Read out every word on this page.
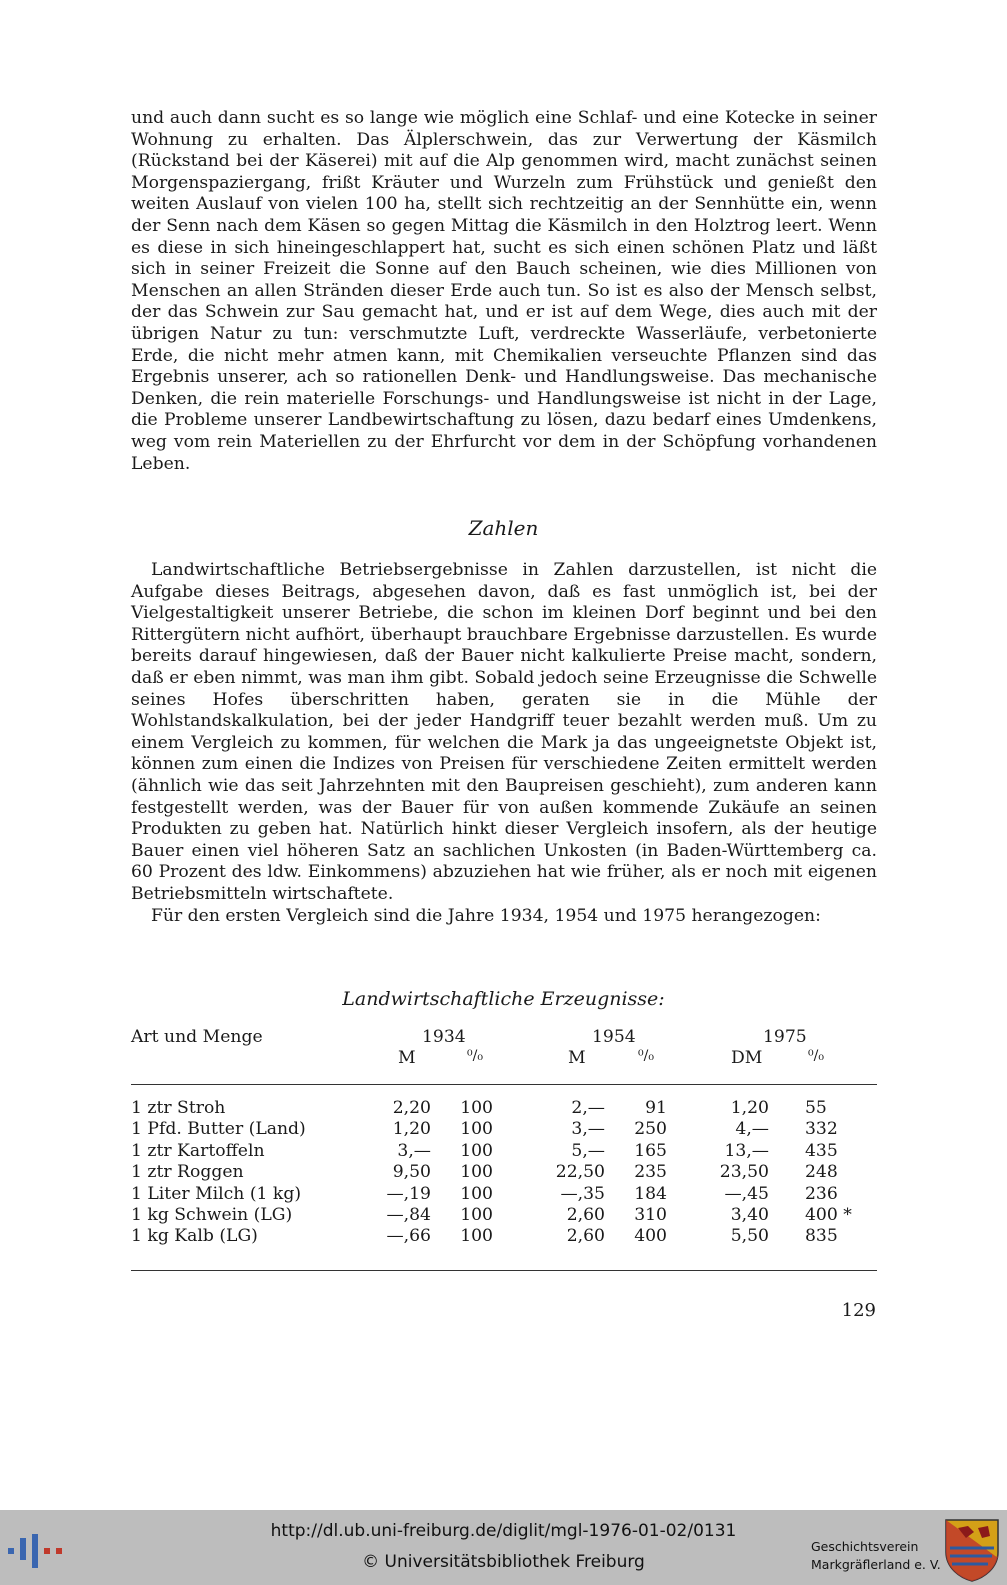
und auch dann sucht es so lange wie möglich eine Schlaf- und eine Kotecke in seiner Wohnung zu erhalten. Das Älplerschwein, das zur Verwertung der Käsmilch (Rückstand bei der Käserei) mit auf die Alp genommen wird, macht zunächst seinen Morgenspaziergang, frißt Kräuter und Wurzeln zum Frühstück und genießt den weiten Auslauf von vielen 100 ha, stellt sich rechtzeitig an der Sennhütte ein, wenn der Senn nach dem Käsen so gegen Mittag die Käsmilch in den Holztrog leert. Wenn es diese in sich hineingeschlappert hat, sucht es sich einen schönen Platz und läßt sich in seiner Freizeit die Sonne auf den Bauch scheinen, wie dies Millionen von Menschen an allen Stränden dieser Erde auch tun. So ist es also der Mensch selbst, der das Schwein zur Sau gemacht hat, und er ist auf dem Wege, dies auch mit der übrigen Natur zu tun: verschmutzte Luft, verdreckte Wasserläufe, verbetonierte Erde, die nicht mehr atmen kann, mit Chemikalien verseuchte Pflanzen sind das Ergebnis unserer, ach so rationellen Denk- und Handlungsweise. Das mechanische Denken, die rein materielle Forschungs- und Handlungsweise ist nicht in der Lage, die Probleme unserer Landbewirtschaftung zu lösen, dazu bedarf eines Umdenkens, weg vom rein Materiellen zu der Ehrfurcht vor dem in der Schöpfung vorhandenen Leben.

Zahlen

Landwirtschaftliche Betriebsergebnisse in Zahlen darzustellen, ist nicht die Aufgabe dieses Beitrags, abgesehen davon, daß es fast unmöglich ist, bei der Vielgestaltigkeit unserer Betriebe, die schon im kleinen Dorf beginnt und bei den Rittergütern nicht aufhört, überhaupt brauchbare Ergebnisse darzustellen. Es wurde bereits darauf hingewiesen, daß der Bauer nicht kalkulierte Preise macht, sondern, daß er eben nimmt, was man ihm gibt. Sobald jedoch seine Erzeugnisse die Schwelle seines Hofes überschritten haben, geraten sie in die Mühle der Wohlstandskalkulation, bei der jeder Handgriff teuer bezahlt werden muß. Um zu einem Vergleich zu kommen, für welchen die Mark ja das ungeeignetste Objekt ist, können zum einen die Indizes von Preisen für verschiedene Zeiten ermittelt werden (ähnlich wie das seit Jahrzehnten mit den Baupreisen geschieht), zum anderen kann festgestellt werden, was der Bauer für von außen kommende Zukäufe an seinen Produkten zu geben hat. Natürlich hinkt dieser Vergleich insofern, als der heutige Bauer einen viel höheren Satz an sachlichen Unkosten (in Baden-Württemberg ca. 60 Prozent des ldw. Einkommens) abzuziehen hat wie früher, als er noch mit eigenen Betriebsmitteln wirtschaftete.

Für den ersten Vergleich sind die Jahre 1934, 1954 und 1975 herangezogen:

Landwirtschaftliche Erzeugnisse:
Art und Menge	1934	1954	1975
M	⁰/₀	M	⁰/₀	DM	⁰/₀
1 ztr Stroh	2,20 100	2,— 91	1,20 55
1 Pfd. Butter (Land)	1,20 100	3,— 250	4,— 332
1 ztr Kartoffeln	3,— 100	5,— 165	13,— 435
1 ztr Roggen	9,50 100	22,50 235	23,50 248
1 Liter Milch (1 kg)	—,19 100	—,35 184	—,45 236
1 kg Schwein (LG)	—,84 100	2,60 310	3,40 400 *
1 kg Kalb (LG)	—,66 100	2,60 400	5,50 835
129
http://dl.ub.uni-freiburg.de/diglit/mgl-1976-01-02/0131
© Universitätsbibliothek Freiburg
Geschichtsverein
Markgräflerland e. V.
